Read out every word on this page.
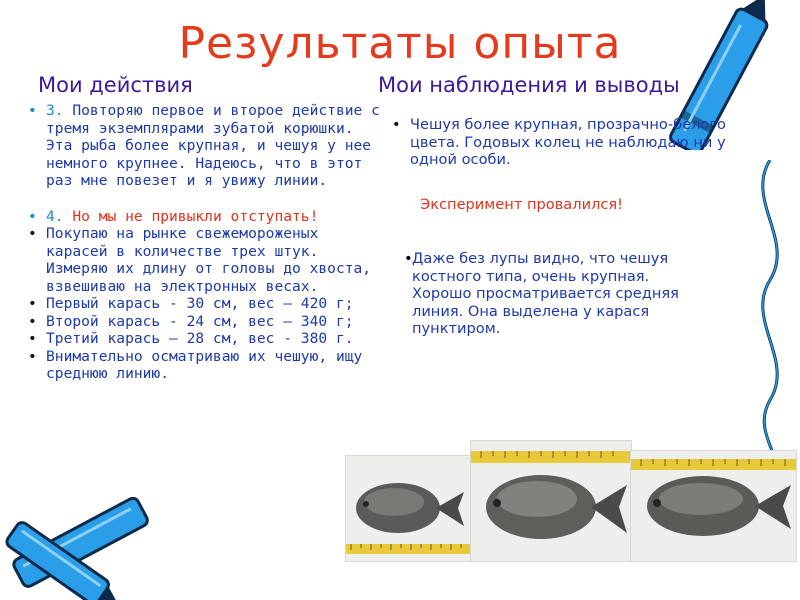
Результаты опыта
Мои действия	Мои наблюдения и выводы
• 3. Повторяю первое и второе действие с тремя экземплярами зубатой корюшки. Эта рыба более крупная, и чешуя у нее немного крупнее. Надеюсь, что в этот раз мне повезет и я увижу линии.
• 4. Но мы не привыкли отступать!
• Покупаю на рынке свежемороженых карасей в количестве трех штук. Измеряю их длину от головы до хвоста, взвешиваю на электронных весах.
• Первый карась - 30 см, вес – 420 г;
• Второй карась - 24 см, вес – 340 г;
• Третий карась – 28 см, вес - 380 г.
• Внимательно осматриваю их чешую, ищу среднюю линию.
• Чешуя более крупная, прозрачно-белого цвета. Годовых колец не наблюдаю ни у одной особи.
Эксперимент провалился!
• Даже без лупы видно, что чешуя костного типа, очень крупная. Хорошо просматривается средняя линия. Она выделена у карася пунктиром.
